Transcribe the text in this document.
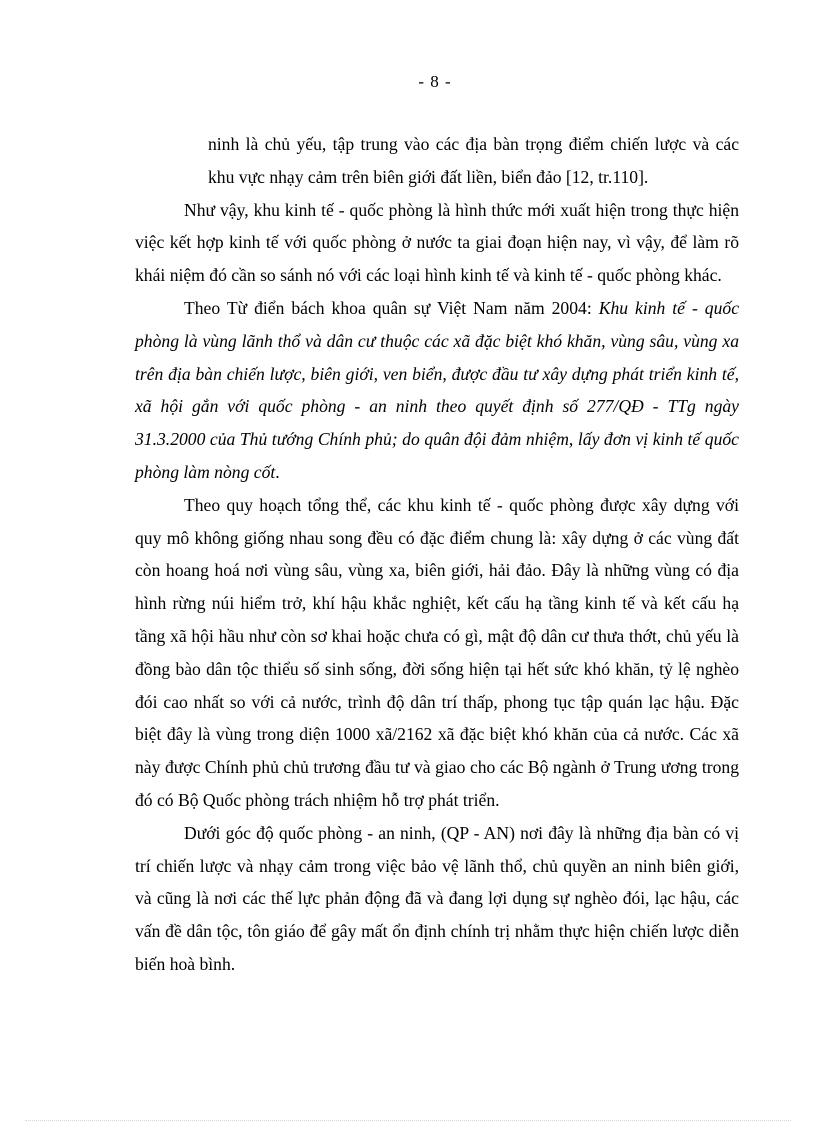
- 8 -

ninh là chủ yếu, tập trung vào các địa bàn trọng điểm chiến lược và các khu vực nhạy cảm trên biên giới đất liền, biển đảo [12, tr.110].

Như vậy, khu kinh tế - quốc phòng là hình thức mới xuất hiện trong thực hiện việc kết hợp kinh tế với quốc phòng ở nước ta giai đoạn hiện nay, vì vậy, để làm rõ khái niệm đó cần so sánh nó với các loại hình kinh tế và kinh tế - quốc phòng khác.

Theo Từ điển bách khoa quân sự Việt Nam năm 2004: Khu kinh tế - quốc phòng là vùng lãnh thổ và dân cư thuộc các xã đặc biệt khó khăn, vùng sâu, vùng xa trên địa bàn chiến lược, biên giới, ven biển, được đầu tư xây dựng phát triển kinh tế, xã hội gắn với quốc phòng - an ninh theo quyết định số 277/QĐ - TTg ngày 31.3.2000 của Thủ tướng Chính phủ; do quân đội đảm nhiệm, lấy đơn vị kinh tế quốc phòng làm nòng cốt.

Theo quy hoạch tổng thể, các khu kinh tế - quốc phòng được xây dựng với quy mô không giống nhau song đều có đặc điểm chung là: xây dựng ở các vùng đất còn hoang hoá nơi vùng sâu, vùng xa, biên giới, hải đảo. Đây là những vùng có địa hình rừng núi hiểm trở, khí hậu khắc nghiệt, kết cấu hạ tầng kinh tế và kết cấu hạ tầng xã hội hầu như còn sơ khai hoặc chưa có gì, mật độ dân cư thưa thớt, chủ yếu là đồng bào dân tộc thiểu số sinh sống, đời sống hiện tại hết sức khó khăn, tỷ lệ nghèo đói cao nhất so với cả nước, trình độ dân trí thấp, phong tục tập quán lạc hậu. Đặc biệt đây là vùng trong diện 1000 xã/2162 xã đặc biệt khó khăn của cả nước. Các xã này được Chính phủ chủ trương đầu tư và giao cho các Bộ ngành ở Trung ương trong đó có Bộ Quốc phòng trách nhiệm hỗ trợ phát triển.

Dưới góc độ quốc phòng - an ninh, (QP - AN) nơi đây là những địa bàn có vị trí chiến lược và nhạy cảm trong việc bảo vệ lãnh thổ, chủ quyền an ninh biên giới, và cũng là nơi các thế lực phản động đã và đang lợi dụng sự nghèo đói, lạc hậu, các vấn đề dân tộc, tôn giáo để gây mất ổn định chính trị nhằm thực hiện chiến lược diễn biến hoà bình.
